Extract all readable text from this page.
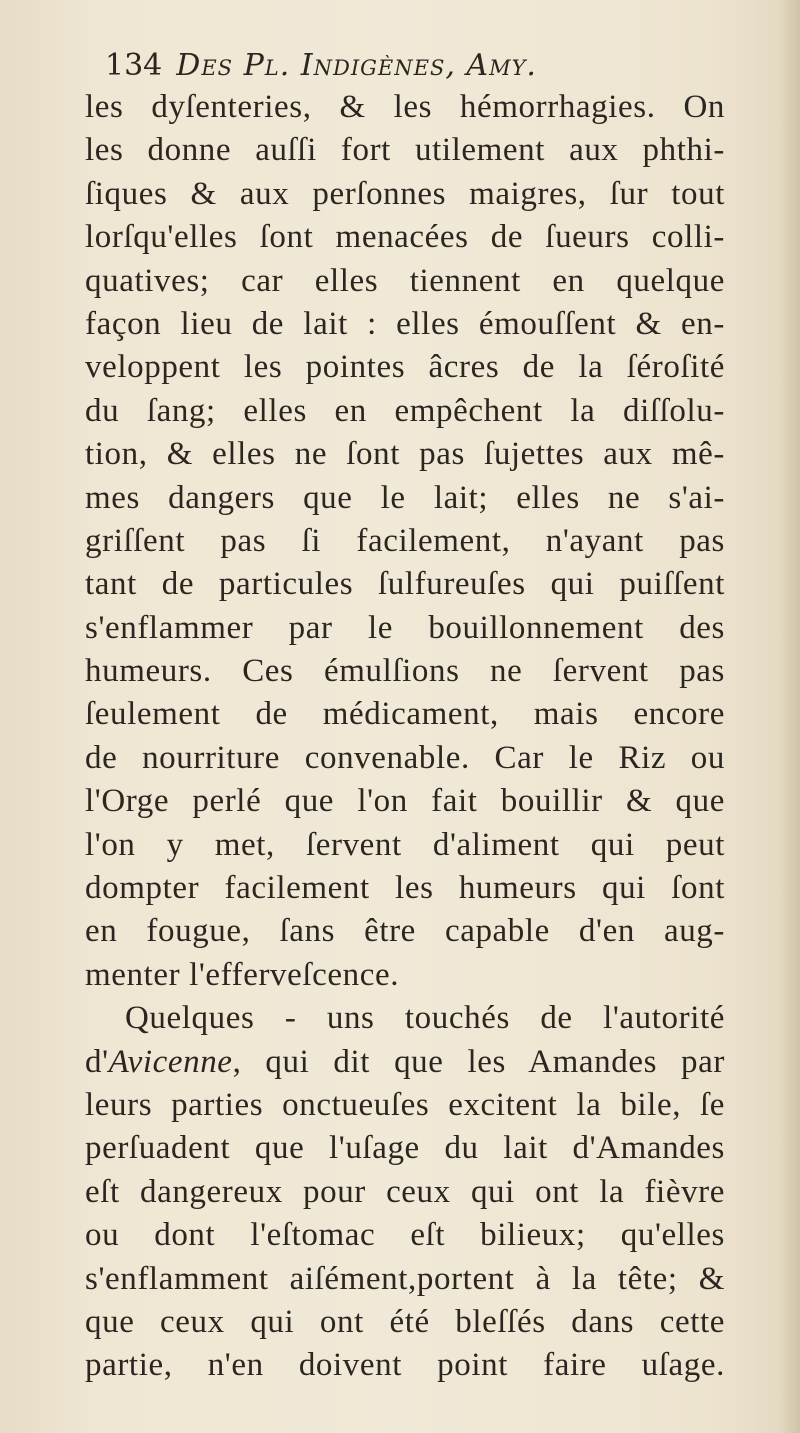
134 Des Pl. Indigènes, Amy.
les dyſenteries, & les hémorrhagies. On
les donne auſſi fort utilement aux phthi-
ſiques & aux perſonnes maigres, ſur tout
lorſqu'elles ſont menacées de ſueurs colli-
quatives; car elles tiennent en quelque
façon lieu de lait : elles émouſſent & en-
veloppent les pointes âcres de la ſéroſité
du ſang; elles en empêchent la diſſolu-
tion, & elles ne ſont pas ſujettes aux mê-
mes dangers que le lait; elles ne s'ai-
griſſent pas ſi facilement, n'ayant pas
tant de particules ſulfureuſes qui puiſſent
s'enflammer par le bouillonnement des
humeurs. Ces émulſions ne ſervent pas
ſeulement de médicament, mais encore
de nourriture convenable. Car le Riz ou
l'Orge perlé que l'on fait bouillir & que
l'on y met, ſervent d'aliment qui peut
dompter facilement les humeurs qui ſont
en fougue, ſans être capable d'en aug-
menter l'efferveſcence.
Quelques - uns touchés de l'autorité
d'Avicenne, qui dit que les Amandes par
leurs parties onctueuſes excitent la bile, ſe
perſuadent que l'uſage du lait d'Amandes
eſt dangereux pour ceux qui ont la fièvre
ou dont l'eſtomac eſt bilieux; qu'elles
s'enflamment aiſément,portent à la tête; &
que ceux qui ont été bleſſés dans cette
partie, n'en doivent point faire uſage.
